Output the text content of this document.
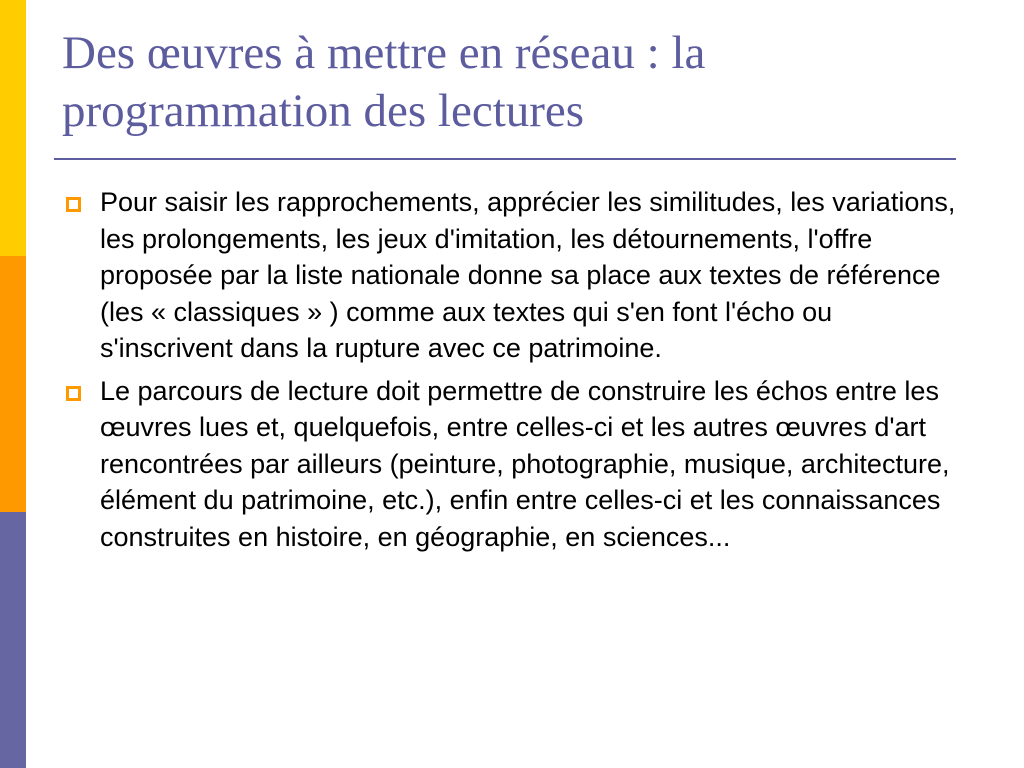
Des œuvres à mettre en réseau : la programmation des lectures
Pour saisir les rapprochements, apprécier les similitudes, les variations, les prolongements, les jeux d'imitation, les détournements, l'offre proposée par la liste nationale donne sa place aux textes de référence (les « classiques » ) comme aux textes qui s'en font l'écho ou s'inscrivent dans la rupture avec ce patrimoine.
Le parcours de lecture doit permettre de construire les échos entre les œuvres lues et, quelquefois, entre celles-ci et les autres œuvres d'art rencontrées par ailleurs (peinture, photographie, musique, architecture, élément du patrimoine, etc.), enfin entre celles-ci et les connaissances construites en histoire, en géographie, en sciences...
